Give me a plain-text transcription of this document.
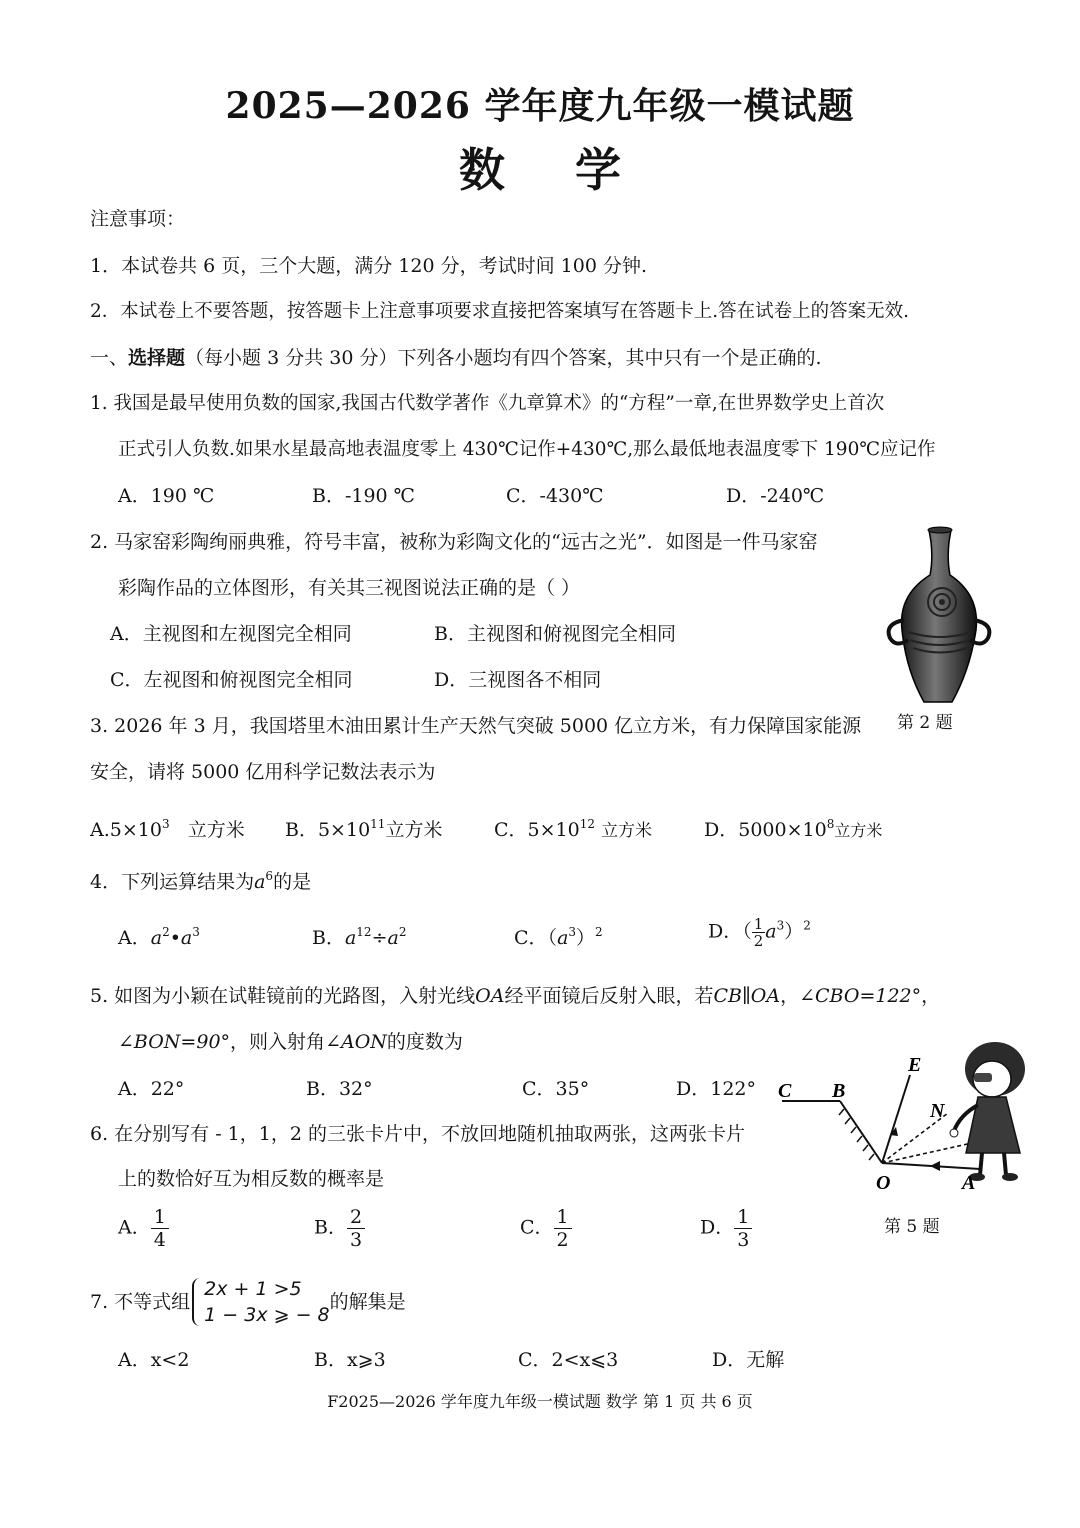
2025—2026 学年度九年级一模试题
数学
注意事项：
1．本试卷共 6 页，三个大题，满分 120 分，考试时间 100 分钟.
2．本试卷上不要答题，按答题卡上注意事项要求直接把答案填写在答题卡上.答在试卷上的答案无效.
一、选择题（每小题 3 分共 30 分）下列各小题均有四个答案，其中只有一个是正确的.
1. 我国是最早使用负数的国家,我国古代数学著作《九章算术》的“方程”一章,在世界数学史上首次
正式引人负数.如果水星最高地表温度零上 430℃记作+430℃,那么最低地表温度零下 190℃应记作
A．190 ℃	B．-190 ℃	C．-430℃	D．-240℃
2. 马家窑彩陶绚丽典雅，符号丰富，被称为彩陶文化的“远古之光”．如图是一件马家窑
彩陶作品的立体图形，有关其三视图说法正确的是（ ）
A．主视图和左视图完全相同	B．主视图和俯视图完全相同
C．左视图和俯视图完全相同	D．三视图各不相同
第 2 题
3. 2026 年 3 月，我国塔里木油田累计生产天然气突破 5000 亿立方米，有力保障国家能源
安全，请将 5000 亿用科学记数法表示为
$A.5\times 10^3$ 立方米 B．$5\times 10^{11}$立方米	C．$5\times 10^{12}$ 立方米	D．$5000\times 10^8$立方米
4．下列运算结果为$a^6$的是
A．$a^2•a^3$	B．$a^{12}\div a^2$	C．$(a^3)^2$	D．（ $\frac{1}{2} a^3)^2$
5. 如图为小颖在试鞋镜前的光路图，入射光线OA经平面镜后反射入眼，若CB∥OA，∠CBO=122°，
∠BON=90°，则入射角∠AON的度数为
A．22°	B．32°	C．35°	D．122° C B
E
N
O	A
第 5 题
6. 在分别写有 - 1，1，2 的三张卡片中，不放回地随机抽取两张，这两张卡片
上的数恰好互为相反数的概率是
A． $\frac{1}{4}$	B． $\frac{2}{3}$	C． $\frac{1}{2}$	D． $\frac{1}{3}$
7. 不等式组
2x + 1 >5
1 − 3x ⩾ − 8
的解集是
A．x<2	B．x⩾3	C．2<x⩽3	D．无解
F2025—2026 学年度九年级一模试题 数学 第 1 页 共 6 页
